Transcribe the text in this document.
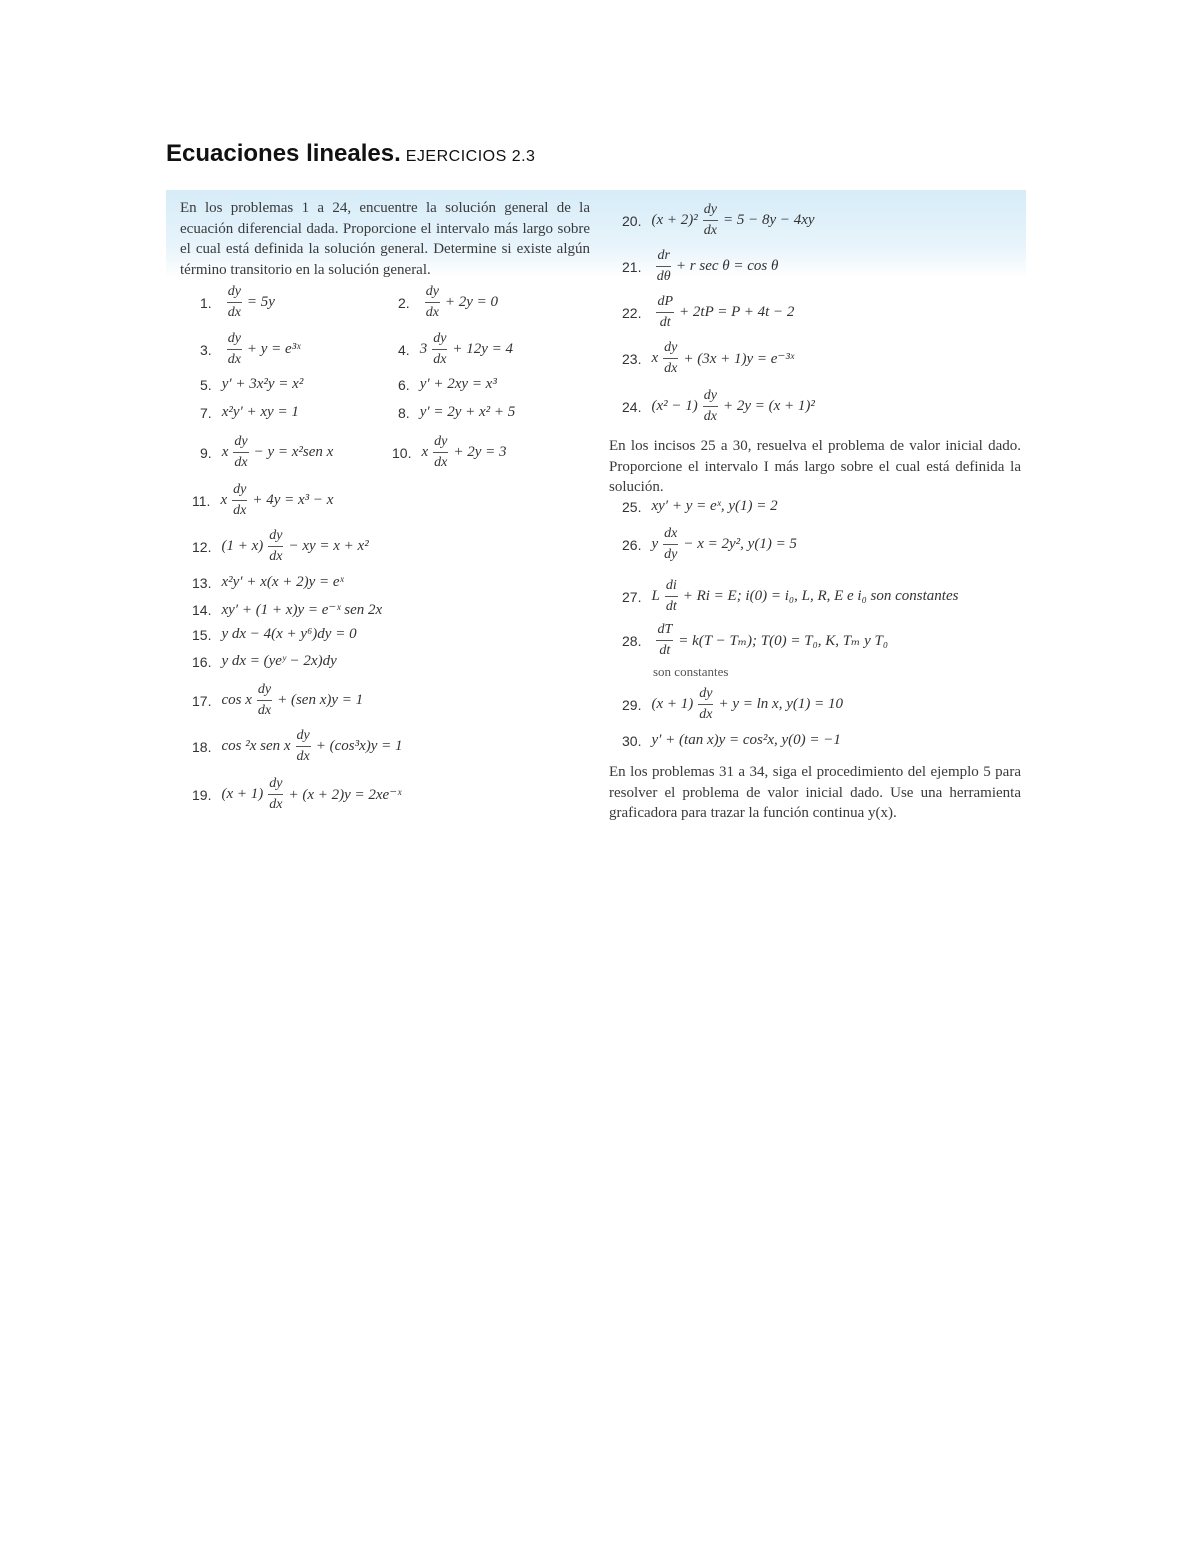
Ecuaciones lineales. EJERCICIOS 2.3
En los problemas 1 a 24, encuentre la solución general de la ecuación diferencial dada. Proporcione el intervalo más largo sobre el cual está definida la solución general. Determine si existe algún término transitorio en la solución general.
En los incisos 25 a 30, resuelva el problema de valor inicial dado. Proporcione el intervalo I más largo sobre el cual está definida la solución.
En los problemas 31 a 34, siga el procedimiento del ejemplo 5 para resolver el problema de valor inicial dado. Use una herramienta graficadora para trazar la función continua y(x).
1. $\frac{dy}{dx} = 5y$	2. $\frac{dy}{dx} + 2y = 0$
3. $\frac{dy}{dx} + y$ = e³ˣ	4. $3 \frac{dy}{dx} + 12y = 4$
5. y′ + 3x²y = x²	6. y′ + 2xy = x³
7. x²y′ + xy = 1	8. y′ = 2y + x² + 5
9. x $\frac{dy}{dx} - y = x^2sen$ x	10. x $\frac{dy}{dx} + 2y = 3$
11. x $\frac{dy}{dx} + 4y = x^3 - x$
12. $(1 + x) \frac{dy}{dx}$ − xy = x + x²
13. x²y′ + x(x + 2)y = eˣ
14. xy′ + (1 + x)y = e⁻ˣ sen 2x
15. y dx − 4(x + y⁶)dy = 0
16. y dx = (yeʸ − 2x)dy
17. cos x $\frac{dy}{dx} + (sen$ x)y = 1
18. cos ²x sen x $\frac{dy}{dx} + (\cos^3x)y = 1$
19. $(x + 1) \frac{dy}{dx} + (x + 2)y$ = 2xe⁻ˣ
20. $(x + 2)^2 \frac{dy}{dx} = 5 - 8y - 4xy$
21. $\frac{dr}{d\theta} + r$ sec θ = cos θ
22. $\frac{dP}{dt} + 2tP = P + 4t - 2$
23. x $\frac{dy}{dx} + (3x + 1)y$ = e⁻³ˣ
24. $(x^2 - 1) \frac{dy}{dx} + 2y = (x + 1)^2$
25. xy′ + y = eˣ, y(1) = 2
26. y $\frac{dx}{dy} - x = 2y^2$, y(1) = 5
27. L $\frac{di}{dt} + Ri = E$; i(0) = i₀, L, R, E e i₀ son constantes
28. $\frac{dT}{dt} = k(T - T_m)$; T(0) = T₀, K, Tₘ y T₀
son constantes
29. $(x + 1) \frac{dy}{dx} + y = \ln x$, y(1) = 10
30. y′ + (tan x)y = cos²x, y(0) = −1
